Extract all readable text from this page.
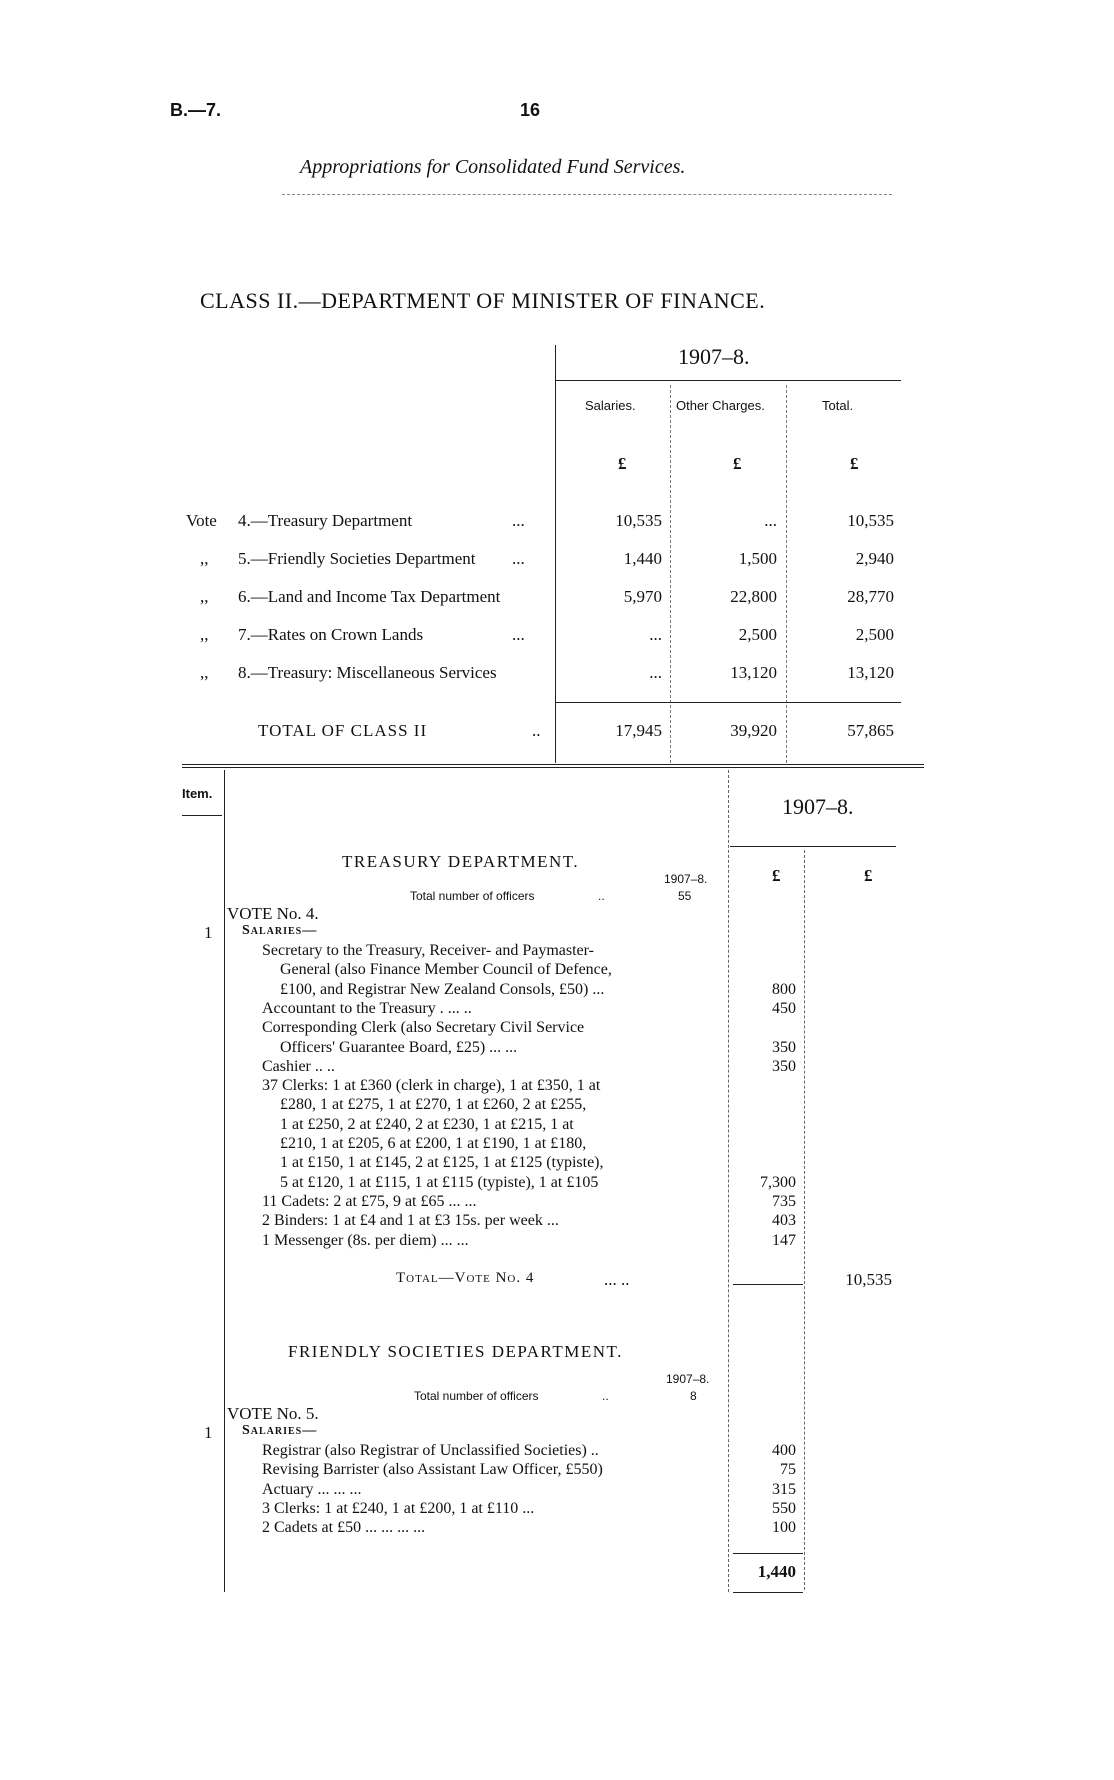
B.—7.	16
Appropriations for Consolidated Fund Services.
CLASS II.—DEPARTMENT OF MINISTER OF FINANCE.
1907–8.
Salaries.	Other Charges.	Total.
£	£	£
Vote 4.—Treasury Department	...	10,535	...	10,535
,, 5.—Friendly Societies Department ...	1,440	1,500	2,940
,, 6.—Land and Income Tax Department	5,970	22,800	28,770
,, 7.—Rates on Crown Lands	...	...	2,500	2,500
,, 8.—Treasury: Miscellaneous Services	...	13,120	13,120
TOTAL OF CLASS II	..	17,945	39,920	57,865
Item.
1907–8.
£	£
TREASURY DEPARTMENT.
1907–8.
Total number of officers	..	55
VOTE No. 4.
1 Salaries—
Secretary to the Treasury, Receiver- and Paymaster-
General (also Finance Member Council of Defence,
£100, and Registrar New Zealand Consols, £50) ...	800
Accountant to the Treasury . ... ..	450
Corresponding Clerk (also Secretary Civil Service
Officers' Guarantee Board, £25) ... ...	350
Cashier .. ..	350
37 Clerks: 1 at £360 (clerk in charge), 1 at £350, 1 at
£280, 1 at £275, 1 at £270, 1 at £260, 2 at £255,
1 at £250, 2 at £240, 2 at £230, 1 at £215, 1 at
£210, 1 at £205, 6 at £200, 1 at £190, 1 at £180,
1 at £150, 1 at £145, 2 at £125, 1 at £125 (typiste),
5 at £120, 1 at £115, 1 at £115 (typiste), 1 at £105	7,300
11 Cadets: 2 at £75, 9 at £65 ... ...	735
2 Binders: 1 at £4 and 1 at £3 15s. per week ...	403
1 Messenger (8s. per diem) ... ...	147
Total—Vote No. 4	... ..	10,535
FRIENDLY SOCIETIES DEPARTMENT.
1907–8.
Total number of officers	..	8
VOTE No. 5.
1 Salaries—
Registrar (also Registrar of Unclassified Societies) ..	400
Revising Barrister (also Assistant Law Officer, £550)	75
Actuary ... ... ...	315
3 Clerks: 1 at £240, 1 at £200, 1 at £110 ...	550
2 Cadets at £50 ... ... ... ...	100
1,440
